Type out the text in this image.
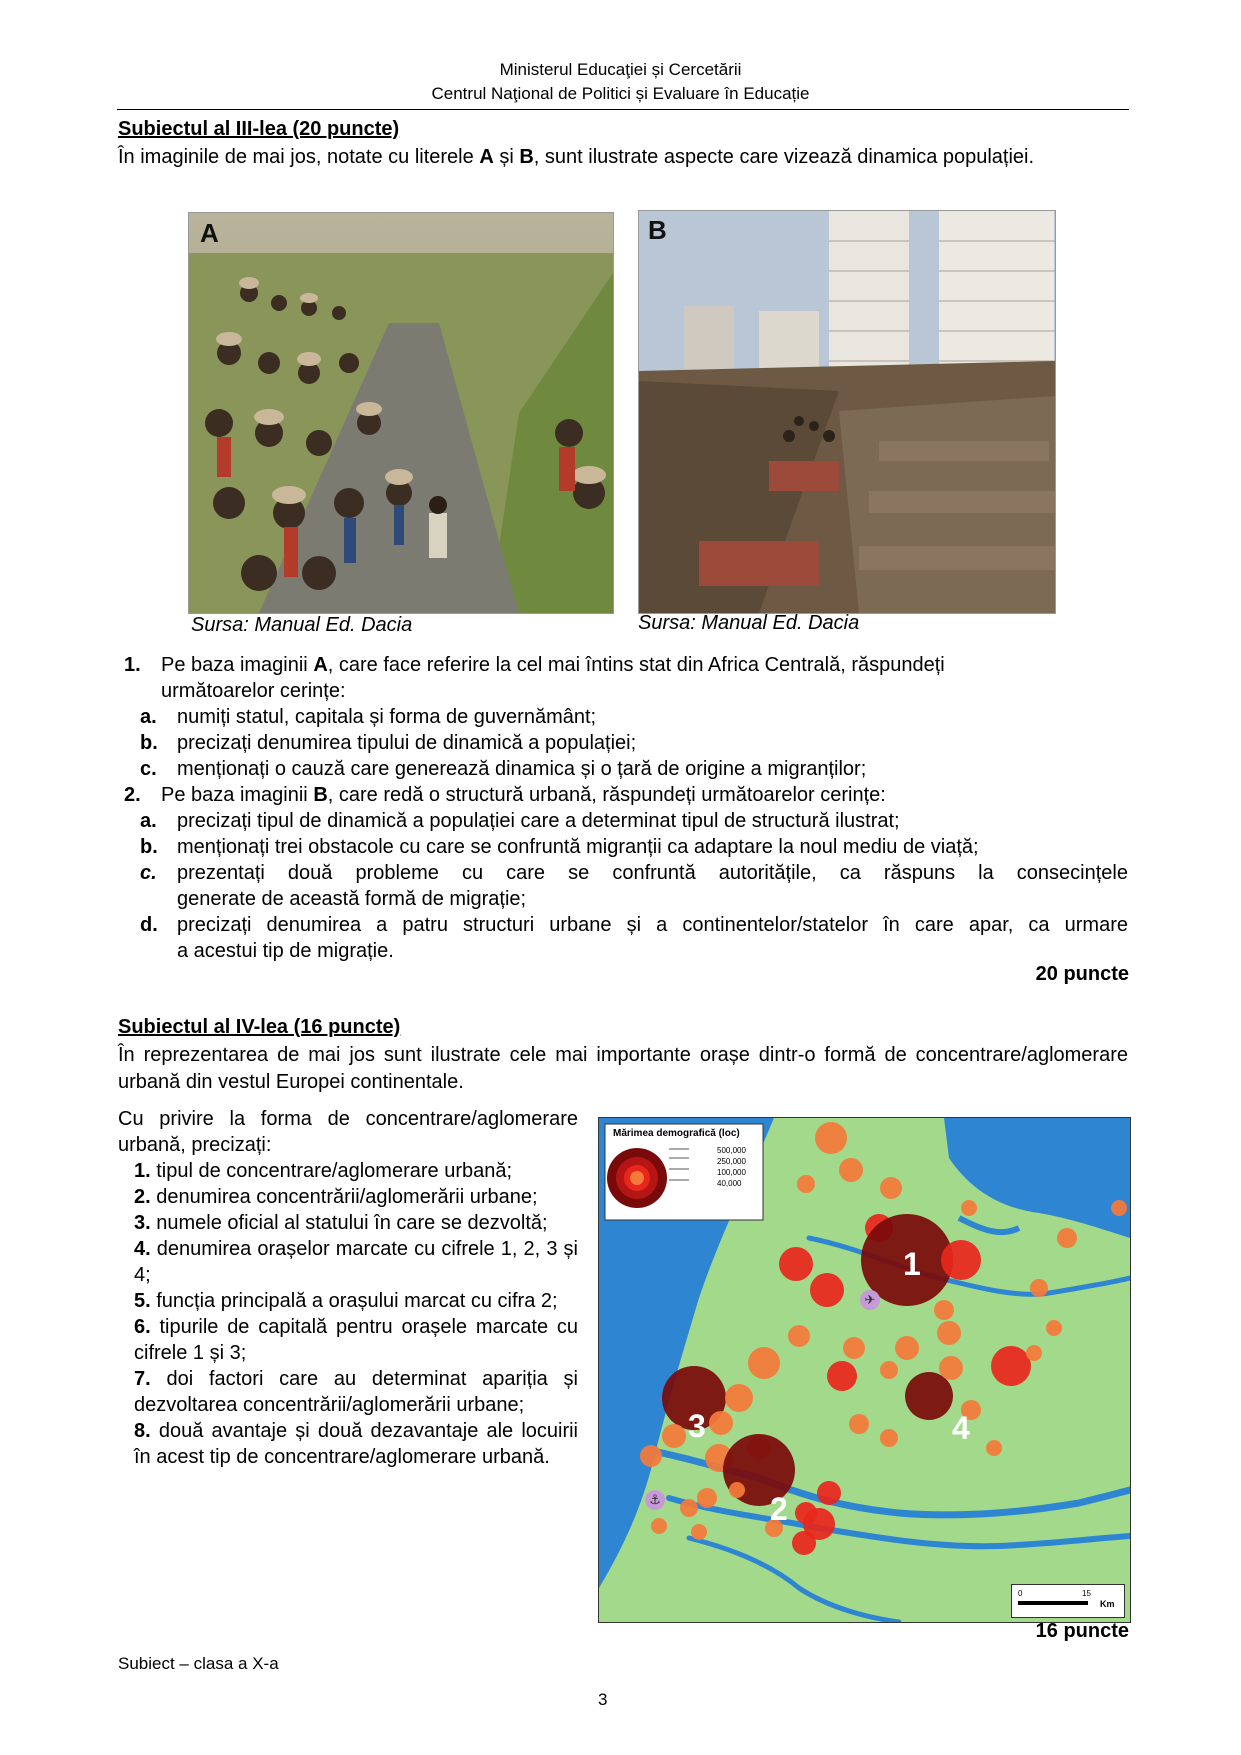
Ministerul Educaţiei și Cercetării
Centrul Naţional de Politici și Evaluare în Educație
Subiectul al III-lea (20 puncte)
În imaginile de mai jos, notate cu literele A și B, sunt ilustrate aspecte care vizează dinamica populației.
A
Sursa: Manual Ed. Dacia
B
Sursa: Manual Ed. Dacia
1. Pe baza imaginii A, care face referire la cel mai întins stat din Africa Centrală, răspundeți
următoarelor cerințe:
a. numiți statul, capitala și forma de guvernământ;
b. precizați denumirea tipului de dinamică a populației;
c. menționați o cauză care generează dinamica și o țară de origine a migranților;
2. Pe baza imaginii B, care redă o structură urbană, răspundeți următoarelor cerințe:
a. precizați tipul de dinamică a populației care a determinat tipul de structură ilustrat;
b. menționați trei obstacole cu care se confruntă migranții ca adaptare la noul mediu de viață;
c. prezentați două probleme cu care se confruntă autoritățile, ca răspuns la consecințele
generate de această formă de migrație;
d. precizați denumirea a patru structuri urbane și a continentelor/statelor în care apar, ca urmare
a acestui tip de migrație.
20 puncte
Subiectul al IV-lea (16 puncte)
În reprezentarea de mai jos sunt ilustrate cele mai importante orașe dintr-o formă de concentrare/aglomerare urbană din vestul Europei continentale.
Cu privire la forma de concentrare/aglomerare urbană, precizați:
1. tipul de concentrare/aglomerare urbană;
2. denumirea concentrării/aglomerării urbane;
3. numele oficial al statului în care se dezvoltă;
4. denumirea orașelor marcate cu cifrele 1, 2, 3 și 4;
5. funcția principală a orașului marcat cu cifra 2;
6. tipurile de capitală pentru orașele marcate cu cifrele 1 și 3;
7. doi factori care au determinat apariția și dezvoltarea concentrării/aglomerării urbane;
8. două avantaje și două dezavantaje ale locuirii în acest tip de concentrare/aglomerare urbană.
Mărimea demografică (loc)
500,000
250,000
100,000
40,000
1
2
3	4
✈
⚓
0	15
Km
16 puncte
Subiect – clasa a X-a
3
